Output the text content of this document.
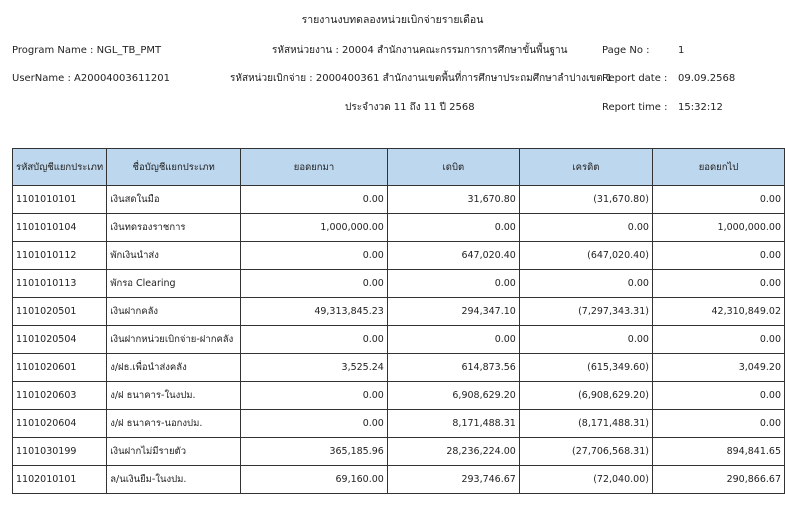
รายงานงบทดลองหน่วยเบิกจ่ายรายเดือน
Program Name : NGL_TB_PMT
UserName : A20004003611201
รหัสหน่วยงาน : 20004 สำนักงานคณะกรรมการการศึกษาขั้นพื้นฐาน
รหัสหน่วยเบิกจ่าย : 2000400361 สำนักงานเขตพื้นที่การศึกษาประถมศึกษาลำปางเขต 1
ประจำงวด 11 ถึง 11 ปี 2568
Page No :	1
Report date : 09.09.2568
Report time : 15:32:12
รหัสบัญชีแยกประเภท	ชื่อบัญชีแยกประเภท	ยอดยกมา	เดบิต	เครดิต	ยอดยกไป
1101010101	เงินสดในมือ	0.00	31,670.80	(31,670.80)	0.00
1101010104	เงินทดรองราชการ	1,000,000.00	0.00	0.00	1,000,000.00
1101010112	พักเงินนำส่ง	0.00	647,020.40	(647,020.40)	0.00
1101010113	พักรอ Clearing	0.00	0.00	0.00	0.00
1101020501	เงินฝากคลัง	49,313,845.23	294,347.10	(7,297,343.31)	42,310,849.02
1101020504	เงินฝากหน่วยเบิกจ่าย-ฝากคลัง	0.00	0.00	0.00	0.00
1101020601	ง/ฝธ.เพื่อนำส่งคลัง	3,525.24	614,873.56	(615,349.60)	3,049.20
1101020603	ง/ฝ ธนาคาร-ในงปม.	0.00	6,908,629.20	(6,908,629.20)	0.00
1101020604	ง/ฝ ธนาคาร-นอกงปม.	0.00	8,171,488.31	(8,171,488.31)	0.00
1101030199	เงินฝากไม่มีรายตัว	365,185.96	28,236,224.00	(27,706,568.31)	894,841.65
1102010101	ล/นเงินยืม-ในงปม.	69,160.00	293,746.67	(72,040.00)	290,866.67
